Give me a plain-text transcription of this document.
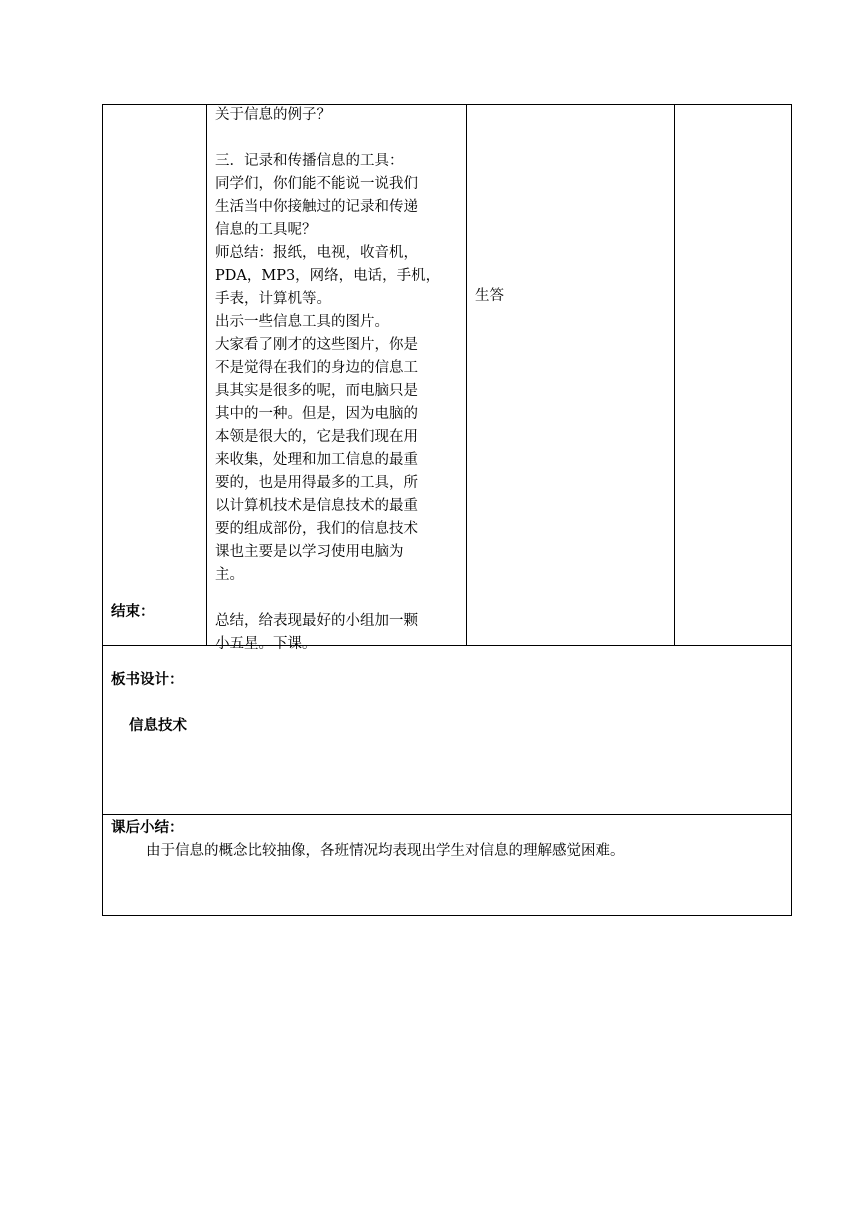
结束：

关于信息的例子？

三．记录和传播信息的工具：

同学们，你们能不能说一说我们

生活当中你接触过的记录和传递

信息的工具呢？

师总结：报纸，电视，收音机，

PDA，MP3，网络，电话，手机，

手表，计算机等。

出示一些信息工具的图片。

大家看了刚才的这些图片，你是

不是觉得在我们的身边的信息工

具其实是很多的呢，而电脑只是

其中的一种。但是，因为电脑的

本领是很大的，它是我们现在用

来收集，处理和加工信息的最重

要的，也是用得最多的工具，所

以计算机技术是信息技术的最重

要的组成部份，我们的信息技术

课也主要是以学习使用电脑为

主。

总结，给表现最好的小组加一颗

小五星。下课。

生答
板书设计：
信息技术
课后小结：
由于信息的概念比较抽像，各班情况均表现出学生对信息的理解感觉困难。
